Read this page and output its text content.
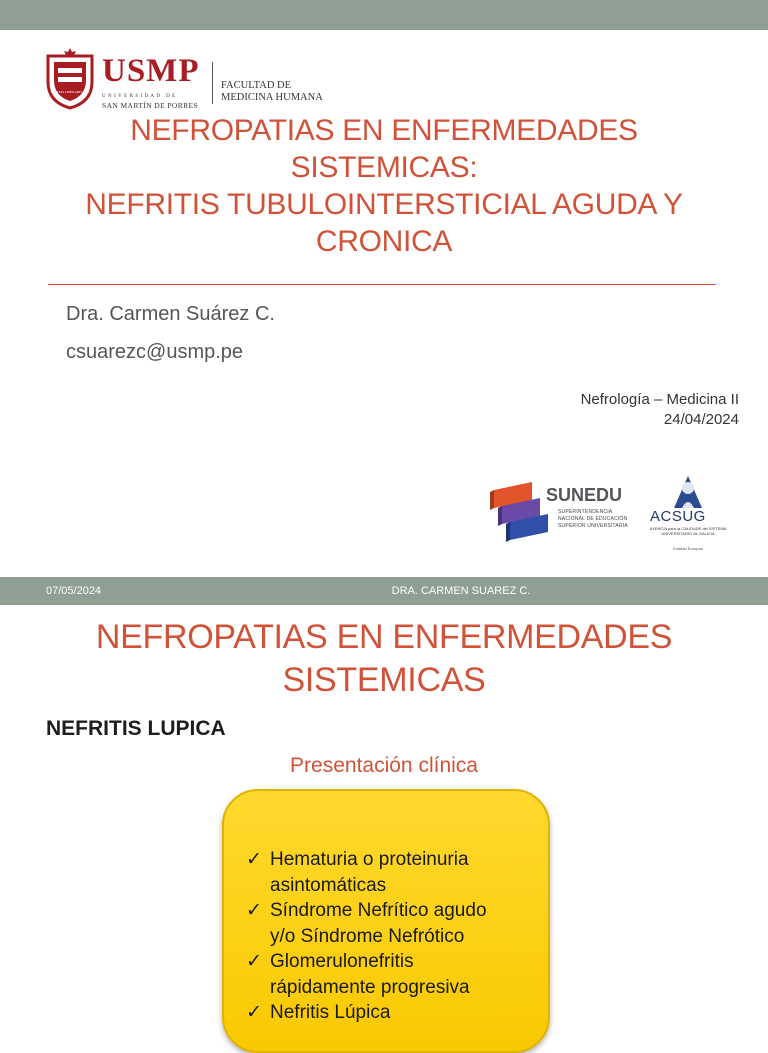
VERITAS LIBERABIT VOS
USMP
U N I V E R S I D A D   D E
SAN MARTÍN DE PORRES
FACULTAD DE
MEDICINA HUMANA
NEFROPATIAS EN ENFERMEDADES
SISTEMICAS:
NEFRITIS TUBULOINTERSTICIAL AGUDA Y
CRONICA
Dra. Carmen Suárez C.
csuarezc@usmp.pe
Nefrología – Medicina II
24/04/2024
SUNEDU
SUPERINTENDENCIA
NACIONAL DE EDUCACIÓN
SUPERIOR UNIVERSITARIA
ACSUG
AXENCIA para la CALIDADE del SISTEMA
UNIVERSITARIO de GALICIA
Entidad Europea
07/05/2024	DRA. CARMEN SUAREZ C.
NEFROPATIAS EN ENFERMEDADES
SISTEMICAS
NEFRITIS LUPICA
Presentación clínica
✓ Hematuria o proteinuria
asintomáticas
✓ Síndrome Nefrítico agudo
y/o Síndrome Nefrótico
✓ Glomerulonefritis
rápidamente progresiva
✓ Nefritis Lúpica
